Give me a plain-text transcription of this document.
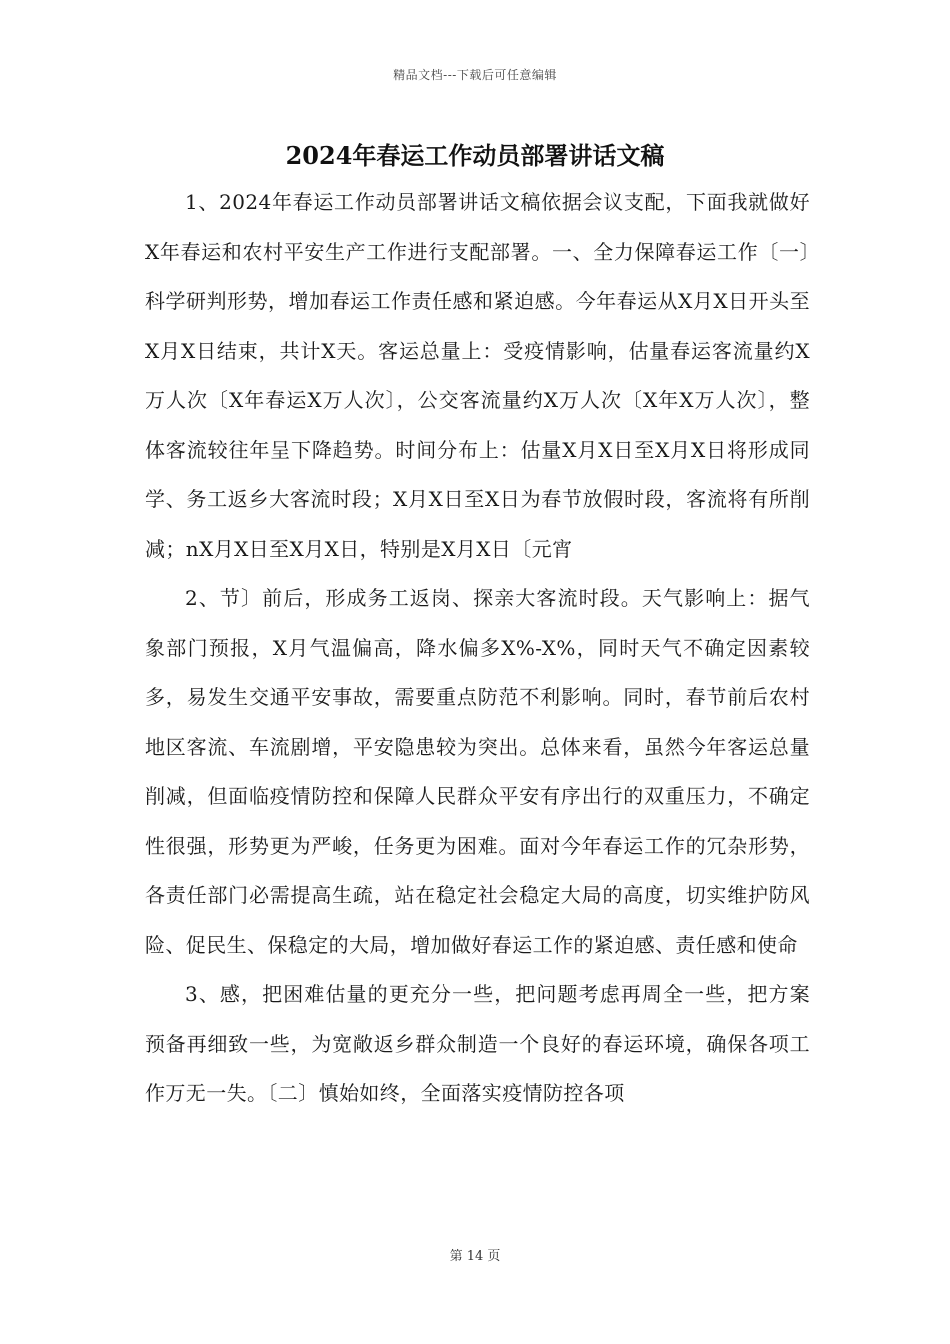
精品文档---下载后可任意编辑
2024年春运工作动员部署讲话文稿

1、2024年春运工作动员部署讲话文稿依据会议支配，下面我就做好X年春运和农村平安生产工作进行支配部署。一、全力保障春运工作〔一〕科学研判形势，增加春运工作责任感和紧迫感。今年春运从X月X日开头至X月X日结束，共计X天。客运总量上：受疫情影响，估量春运客流量约X万人次〔X年春运X万人次〕，公交客流量约X万人次〔X年X万人次〕，整体客流较往年呈下降趋势。时间分布上：估量X月X日至X月X日将形成同学、务工返乡大客流时段；X月X日至X日为春节放假时段，客流将有所削减；nX月X日至X月X日，特别是X月X日〔元宵

2、节〕前后，形成务工返岗、探亲大客流时段。天气影响上：据气象部门预报，X月气温偏高，降水偏多X%-X%，同时天气不确定因素较多，易发生交通平安事故，需要重点防范不利影响。同时，春节前后农村地区客流、车流剧增，平安隐患较为突出。总体来看，虽然今年客运总量削减，但面临疫情防控和保障人民群众平安有序出行的双重压力，不确定性很强，形势更为严峻，任务更为困难。面对今年春运工作的冗杂形势，各责任部门必需提高生疏，站在稳定社会稳定大局的高度，切实维护防风险、促民生、保稳定的大局，增加做好春运工作的紧迫感、责任感和使命

3、感，把困难估量的更充分一些，把问题考虑再周全一些，把方案预备再细致一些，为宽敞返乡群众制造一个良好的春运环境，确保各项工作万无一失。〔二〕慎始如终，全面落实疫情防控各项

第 14 页
